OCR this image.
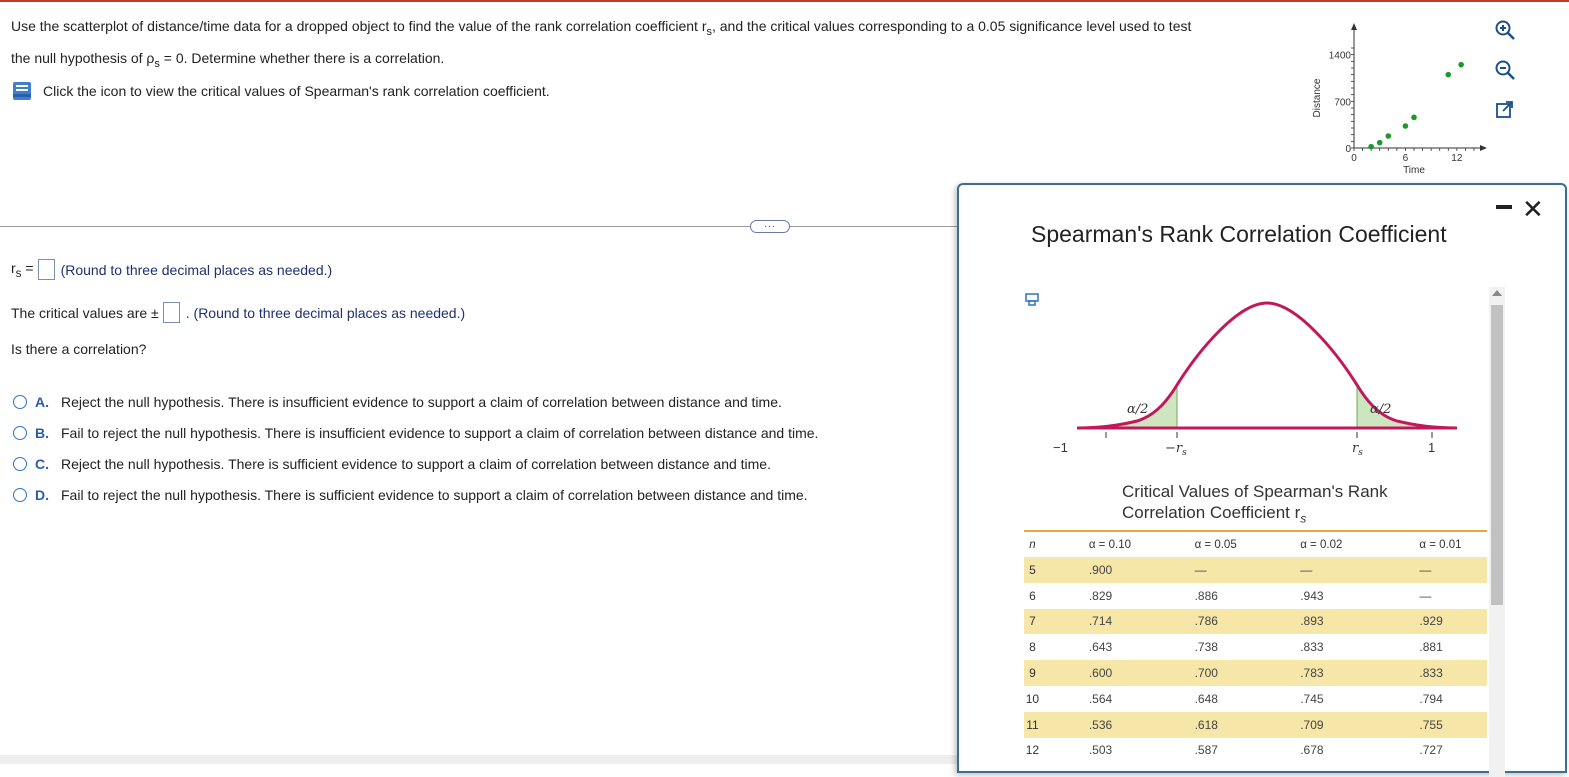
Use the scatterplot of distance/time data for a dropped object to find the value of the rank correlation coefficient $r_s$, and the critical values corresponding to a 0.05 significance level used to test
the null hypothesis of $\rho_s = 0$. Determine whether there is a correlation.
Click the icon to view the critical values of Spearman's rank correlation coefficient.
0	6	12
0
700
1400
Time
Distance
...
$r_s$ = (Round to three decimal places as needed.)
The critical values are ± . (Round to three decimal places as needed.)
Is there a correlation?
A. Reject the null hypothesis. There is insufficient evidence to support a claim of correlation between distance and time.
B. Fail to reject the null hypothesis. There is insufficient evidence to support a claim of correlation between distance and time.
C. Reject the null hypothesis. There is sufficient evidence to support a claim of correlation between distance and time.
D. Fail to reject the null hypothesis. There is sufficient evidence to support a claim of correlation between distance and time.
Spearman's Rank Correlation Coefficient
✕
α/2	α/2
−1	$-r_s$	$r_s$	1
Critical Values of Spearman's Rank
Correlation Coefficient $r_s$
n	α = 0.10	α = 0.05	α = 0.02	α = 0.01
5	.900	—	—	—
6	.829	.886	.943	—
7	.714	.786	.893	.929
8	.643	.738	.833	.881
9	.600	.700	.783	.833
10	.564	.648	.745	.794
11	.536	.618	.709	.755
12	.503	.587	.678	.727
